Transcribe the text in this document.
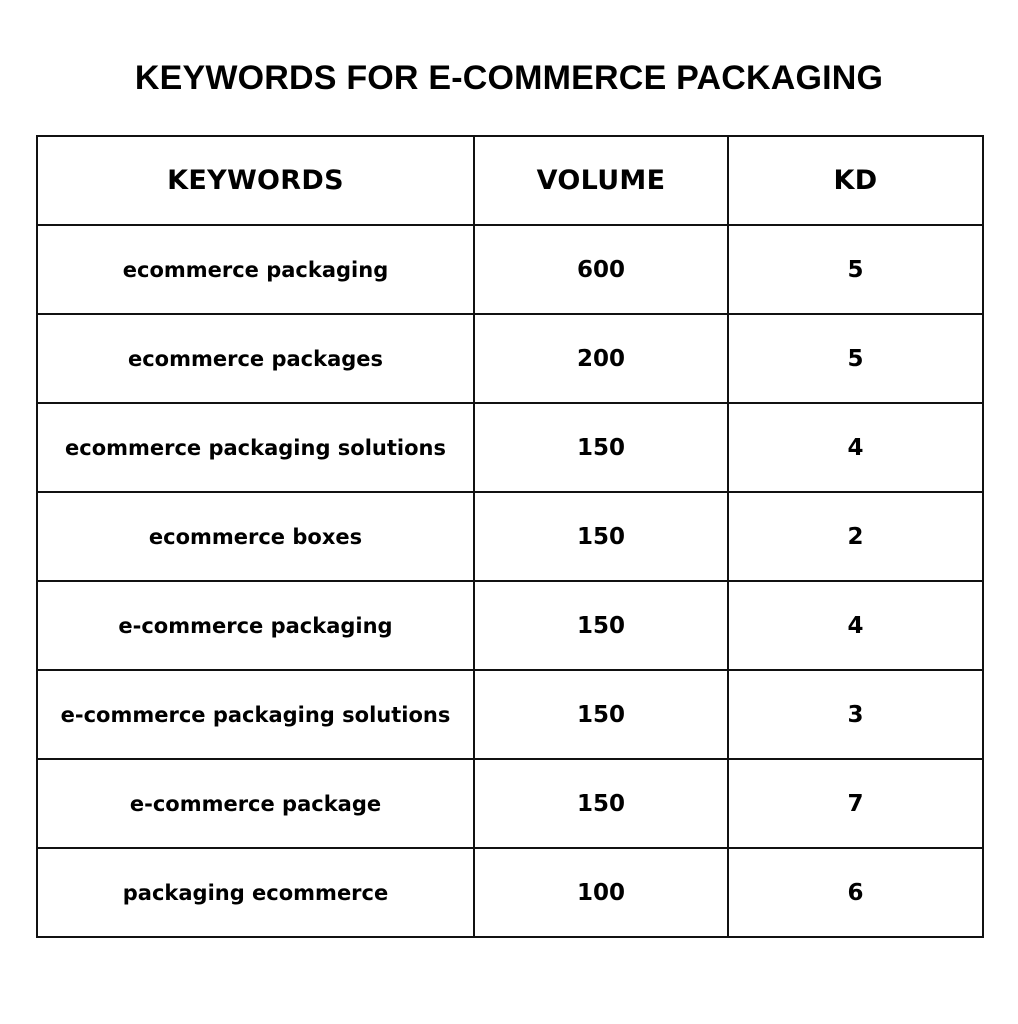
KEYWORDS FOR E-COMMERCE PACKAGING
KEYWORDS	VOLUME	KD
ecommerce packaging	600	5
ecommerce packages	200	5
ecommerce packaging solutions	150	4
ecommerce boxes	150	2
e-commerce packaging	150	4
e-commerce packaging solutions	150	3
e-commerce package	150	7
packaging ecommerce	100	6
